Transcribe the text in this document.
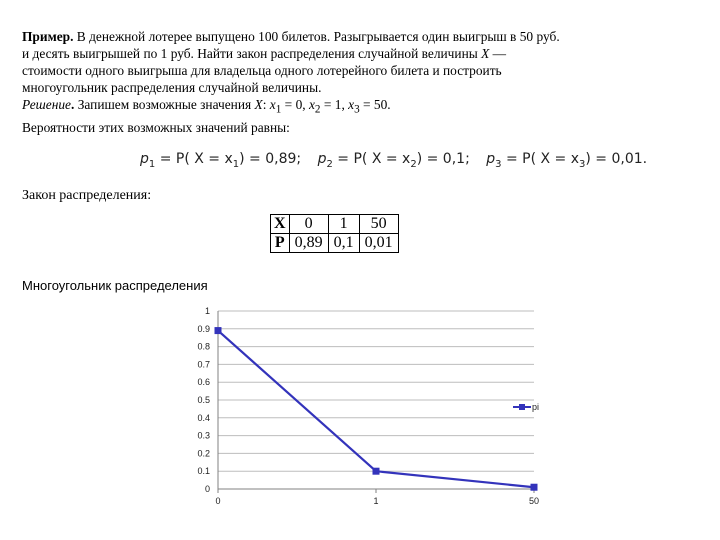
Пример. В денежной лотерее выпущено 100 билетов. Разыгрывается один выигрыш в 50 руб.

и десять выигрышей по 1 руб. Найти закон распределения случайной величины X —

стоимости одного выигрыша для владельца одного лотерейного билета и построить

многоугольник распределения случайной величины.

Решение. Запишем возможные значения X: $x_1 = 0$, $x_2 = 1$, $x_3 = 50$.

Вероятности этих возможных значений равны:

$p_1 = P$( $X = x_1) = 0,89$; $p_2 = P$( $X = x_2) = 0,1$; $p_3 = P$( $X = x_3) = 0,01$.
Закон распределения:
X	0	1	50
P	0,89	0,1	0,01
Многоугольник распределения
0
0.1
0.2
0.3
0.4
0.5
0.6
0.7
0.8
0.9
1
0	1	50
pi
